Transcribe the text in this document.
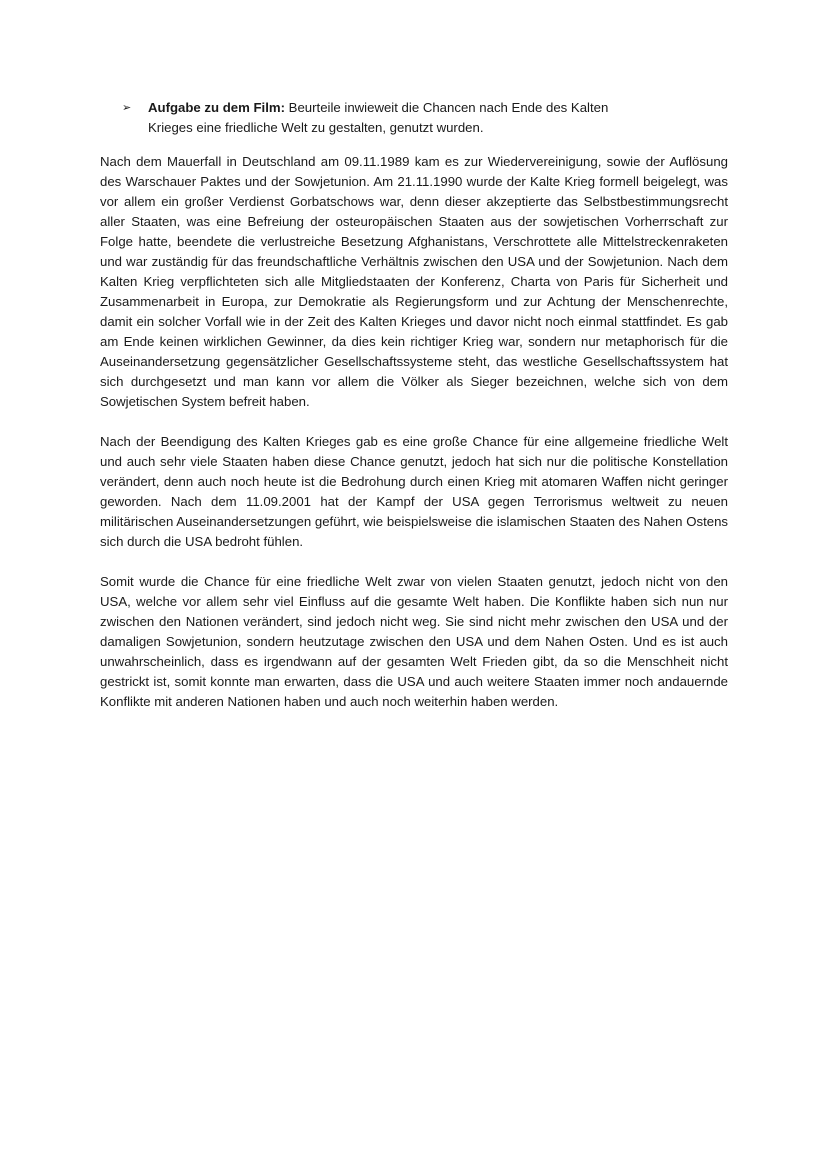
➢	Aufgabe zu dem Film: Beurteile inwieweit die Chancen nach Ende des Kalten Krieges eine friedliche Welt zu gestalten, genutzt wurden.

Nach dem Mauerfall in Deutschland am 09.11.1989 kam es zur Wiedervereinigung, sowie der Auflösung des Warschauer Paktes und der Sowjetunion. Am 21.11.1990 wurde der Kalte Krieg formell beigelegt, was vor allem ein großer Verdienst Gorbatschows war, denn dieser akzeptierte das Selbstbestimmungsrecht aller Staaten, was eine Befreiung der osteuropäischen Staaten aus der sowjetischen Vorherrschaft zur Folge hatte, beendete die verlustreiche Besetzung Afghanistans, Verschrottete alle Mittelstreckenraketen und war zuständig für das freundschaftliche Verhältnis zwischen den USA und der Sowjetunion. Nach dem Kalten Krieg verpflichteten sich alle Mitgliedstaaten der Konferenz, Charta von Paris für Sicherheit und Zusammenarbeit in Europa, zur Demokratie als Regierungsform und zur Achtung der Menschenrechte, damit ein solcher Vorfall wie in der Zeit des Kalten Krieges und davor nicht noch einmal stattfindet. Es gab am Ende keinen wirklichen Gewinner, da dies kein richtiger Krieg war, sondern nur metaphorisch für die Auseinandersetzung gegensätzlicher Gesellschaftssysteme steht, das westliche Gesellschaftssystem hat sich durchgesetzt und man kann vor allem die Völker als Sieger bezeichnen, welche sich von dem Sowjetischen System befreit haben.

Nach der Beendigung des Kalten Krieges gab es eine große Chance für eine allgemeine friedliche Welt und auch sehr viele Staaten haben diese Chance genutzt, jedoch hat sich nur die politische Konstellation verändert, denn auch noch heute ist die Bedrohung durch einen Krieg mit atomaren Waffen nicht geringer geworden. Nach dem 11.09.2001 hat der Kampf der USA gegen Terrorismus weltweit zu neuen militärischen Auseinandersetzungen geführt, wie beispielsweise die islamischen Staaten des Nahen Ostens sich durch die USA bedroht fühlen.

Somit wurde die Chance für eine friedliche Welt zwar von vielen Staaten genutzt, jedoch nicht von den USA, welche vor allem sehr viel Einfluss auf die gesamte Welt haben. Die Konflikte haben sich nun nur zwischen den Nationen verändert, sind jedoch nicht weg. Sie sind nicht mehr zwischen den USA und der damaligen Sowjetunion, sondern heutzutage zwischen den USA und dem Nahen Osten. Und es ist auch unwahrscheinlich, dass es irgendwann auf der gesamten Welt Frieden gibt, da so die Menschheit nicht gestrickt ist, somit konnte man erwarten, dass die USA und auch weitere Staaten immer noch andauernde Konflikte mit anderen Nationen haben und auch noch weiterhin haben werden.
